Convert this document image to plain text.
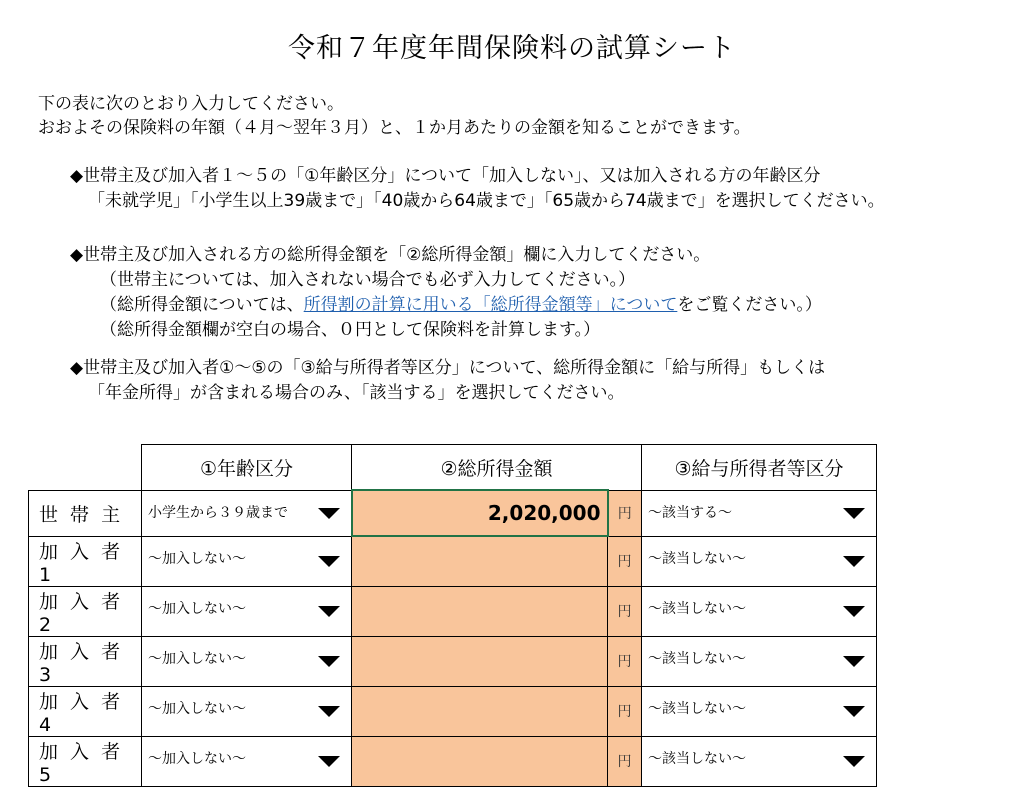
令和７年度年間保険料の試算シート
下の表に次のとおり入力してください。
おおよその保険料の年額（４月～翌年３月）と、１か月あたりの金額を知ることができます。
◆世帯主及び加入者１～５の「①年齢区分」について「加入しない」、又は加入される方の年齢区分
「未就学児」「小学生以上39歳まで」「40歳から64歳まで」「65歳から74歳まで」を選択してください。
◆世帯主及び加入される方の総所得金額を「②総所得金額」欄に入力してください。
（世帯主については、加入されない場合でも必ず入力してください。）
（総所得金額については、所得割の計算に用いる「総所得金額等」についてをご覧ください。）
（総所得金額欄が空白の場合、０円として保険料を計算します。）
◆世帯主及び加入者①～⑤の「③給与所得者等区分」について、総所得金額に「給与所得」もしくは
「年金所得」が含まれる場合のみ、「該当する」を選択してください。
	①年齢区分	②総所得金額		③給与所得者等区分
世 帯 主	小学生から３９歳まで	2,020,000	円	～該当する～

加 入 者 1	～加入しない～		円	～該当しない～

加 入 者 2	～加入しない～		円	～該当しない～

加 入 者 3	～加入しない～		円	～該当しない～

加 入 者 4	～加入しない～		円	～該当しない～

加 入 者 5	～加入しない～		円	～該当しない～
